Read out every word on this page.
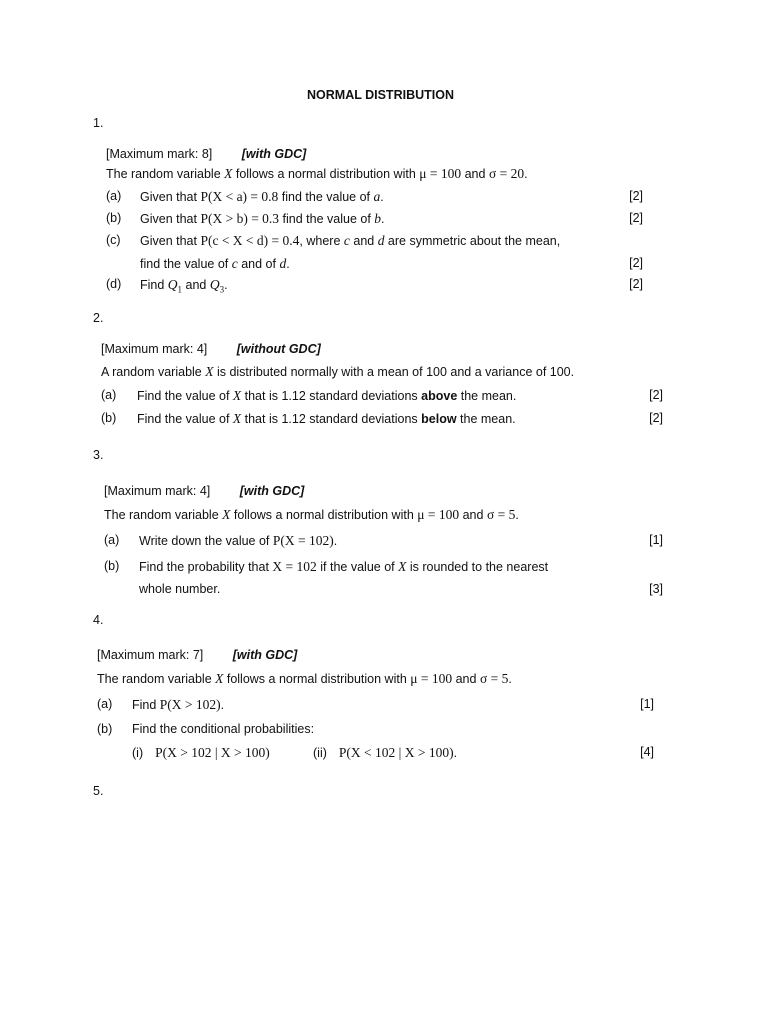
NORMAL DISTRIBUTION
1.
[Maximum mark: 8] [with GDC]
The random variable X follows a normal distribution with μ = 100 and σ = 20.
(a) Given that P(X < a) = 0.8 find the value of a.	[2]
(b) Given that P(X > b) = 0.3 find the value of b.	[2]
(c) Given that P(c < X < d) = 0.4, where c and d are symmetric about the mean,
find the value of c and of d.	[2]
(d) Find $Q_1$ and $Q_3$.	[2]
2.
[Maximum mark: 4] [without GDC]
A random variable X is distributed normally with a mean of 100 and a variance of 100.
(a) Find the value of X that is 1.12 standard deviations above the mean.	[2]
(b) Find the value of X that is 1.12 standard deviations below the mean.	[2]
3.
[Maximum mark: 4] [with GDC]
The random variable X follows a normal distribution with μ = 100 and σ = 5.
(a) Write down the value of P(X = 102).	[1]
(b) Find the probability that X = 102 if the value of X is rounded to the nearest
whole number.	[3]
4.
[Maximum mark: 7] [with GDC]
The random variable X follows a normal distribution with μ = 100 and σ = 5.
(a) Find P(X > 102).	[1]
(b) Find the conditional probabilities:
(i) P(X > 102 | X > 100)	(ii) P(X < 102 | X > 100).	[4]
5.
